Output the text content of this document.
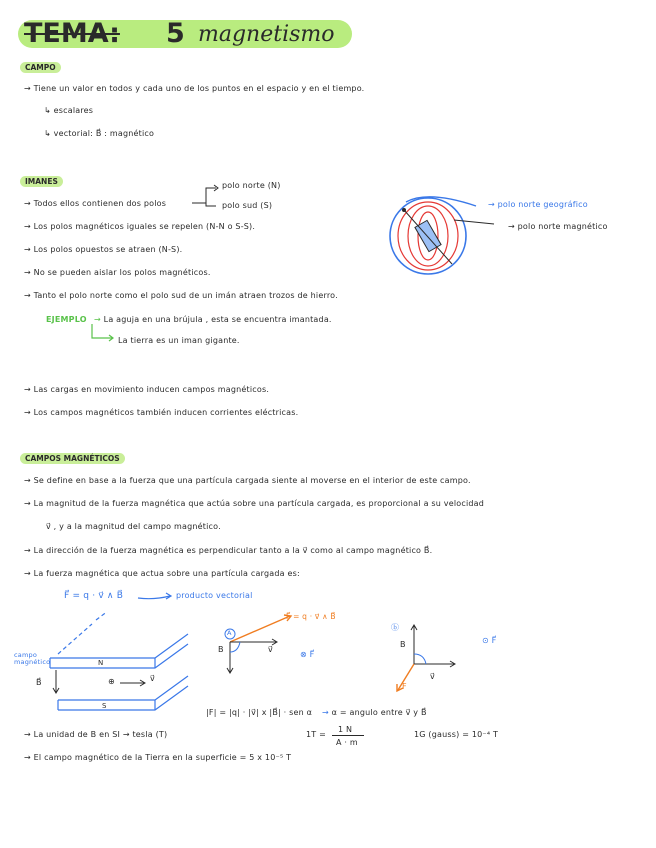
TEMA: 5 magnetismo
CAMPO
→ Tiene un valor en todos y cada uno de los puntos en el espacio y en el tiempo.
↳ escalares
↳ vectorial: B⃗ : magnético
IMANES
→ Todos ellos contienen dos polos
polo norte (N)
polo sud (S)
→ Los polos magnéticos iguales se repelen (N-N o S-S).
→ Los polos opuestos se atraen (N-S).
→ No se pueden aislar los polos magnéticos.
→ Tanto el polo norte como el polo sud de un imán atraen trozos de hierro.
EJEMPLO → La aguja en una brújula , esta se encuentra imantada.
La tierra es un iman gigante.
→ polo norte geográfico
→ polo norte magnético
→ Las cargas en movimiento inducen campos magnéticos.
→ Los campos magnéticos también inducen corrientes eléctricas.
CAMPOS MAGNÉTICOS
→ Se define en base a la fuerza que una partícula cargada siente al moverse en el interior de este campo.
→ La magnitud de la fuerza magnética que actúa sobre una partícula cargada, es proporcional a su velocidad
v⃗ , y a la magnitud del campo magnético.
→ La dirección de la fuerza magnética es perpendicular tanto a la v⃗ como al campo magnético B⃗.
→ La fuerza magnética que actua sobre una partícula cargada es:
F⃗ = q · v⃗ ∧ B⃗	producto vectorial
campo magnético
B⃗
N
S
⊕	v⃗
A
F⃗ = q · v⃗ ∧ B⃗
B	v⃗
⊗ F⃗
ⓑ
B
v⃗
F
⊙ F⃗
|F| = |q| · |v⃗| x |B⃗| · sen α → α = angulo entre v⃗ y B⃗
→ La unidad de B en SI → tesla (T)	1T =
1 N
A · m
1G (gauss) = 10⁻⁴ T
→ El campo magnético de la Tierra en la superficie = 5 x 10⁻⁵ T
